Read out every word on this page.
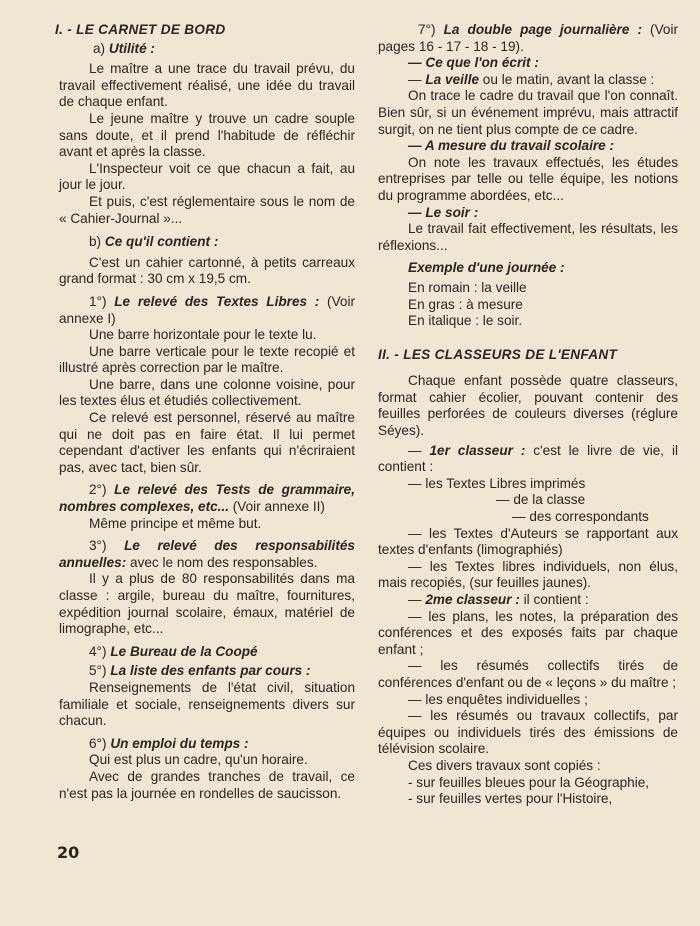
I. - LE CARNET DE BORD

a) Utilité :

Le maître a une trace du travail prévu, du travail effectivement réalisé, une idée du travail de chaque enfant.

Le jeune maître y trouve un cadre souple sans doute, et il prend l'habitude de réfléchir avant et après la classe.

L'Inspecteur voit ce que chacun a fait, au jour le jour.

Et puis, c'est réglementaire sous le nom de « Cahier-Journal »...

b) Ce qu'il contient :

C'est un cahier cartonné, à petits carreaux grand format : 30 cm x 19,5 cm.

1°) Le relevé des Textes Libres : (Voir annexe I)

Une barre horizontale pour le texte lu.

Une barre verticale pour le texte recopié et illustré après correction par le maître.

Une barre, dans une colonne voisine, pour les textes élus et étudiés collectivement.

Ce relevé est personnel, réservé au maître qui ne doit pas en faire état. Il lui permet cependant d'activer les enfants qui n'écriraient pas, avec tact, bien sûr.

2°) Le relevé des Tests de grammaire, nombres complexes, etc... (Voir annexe II)

Même principe et même but.

3°) Le relevé des responsabilités annuelles: avec le nom des responsables.

Il y a plus de 80 responsabilités dans ma classe : argile, bureau du maître, fournitures, expédition journal scolaire, émaux, matériel de limographe, etc...

4°) Le Bureau de la Coopé

5°) La liste des enfants par cours :

Renseignements de l'état civil, situation familiale et sociale, renseignements divers sur chacun.

6°) Un emploi du temps :

Qui est plus un cadre, qu'un horaire.

Avec de grandes tranches de travail, ce n'est pas la journée en rondelles de saucisson.

7°) La double page journalière : (Voir pages 16 - 17 - 18 - 19).

— Ce que l'on écrit :

— La veille ou le matin, avant la classe :

On trace le cadre du travail que l'on connaît. Bien sûr, si un événement imprévu, mais attractif surgit, on ne tient plus compte de ce cadre.

— A mesure du travail scolaire :

On note les travaux effectués, les études entreprises par telle ou telle équipe, les notions du programme abordées, etc...

— Le soir :

Le travail fait effectivement, les résultats, les réflexions...

Exemple d'une journée :

En romain : la veille

En gras : à mesure

En italique : le soir.

II. - LES CLASSEURS DE L'ENFANT

Chaque enfant possède quatre classeurs, format cahier écolier, pouvant contenir des feuilles perforées de couleurs diverses (réglure Séyes).

— 1er classeur : c'est le livre de vie, il contient :

— les Textes Libres imprimés

— de la classe

— des correspondants

— les Textes d'Auteurs se rapportant aux textes d'enfants (limographiés)

— les Textes libres individuels, non élus, mais recopiés, (sur feuilles jaunes).

— 2me classeur : il contient :

— les plans, les notes, la préparation des conférences et des exposés faits par chaque enfant ;

— les résumés collectifs tirés de conférences d'enfant ou de « leçons » du maître ;

— les enquêtes individuelles ;

— les résumés ou travaux collectifs, par équipes ou individuels tirés des émissions de télévision scolaire.

Ces divers travaux sont copiés :

- sur feuilles bleues pour la Géographie,

- sur feuilles vertes pour l'Histoire,

20
